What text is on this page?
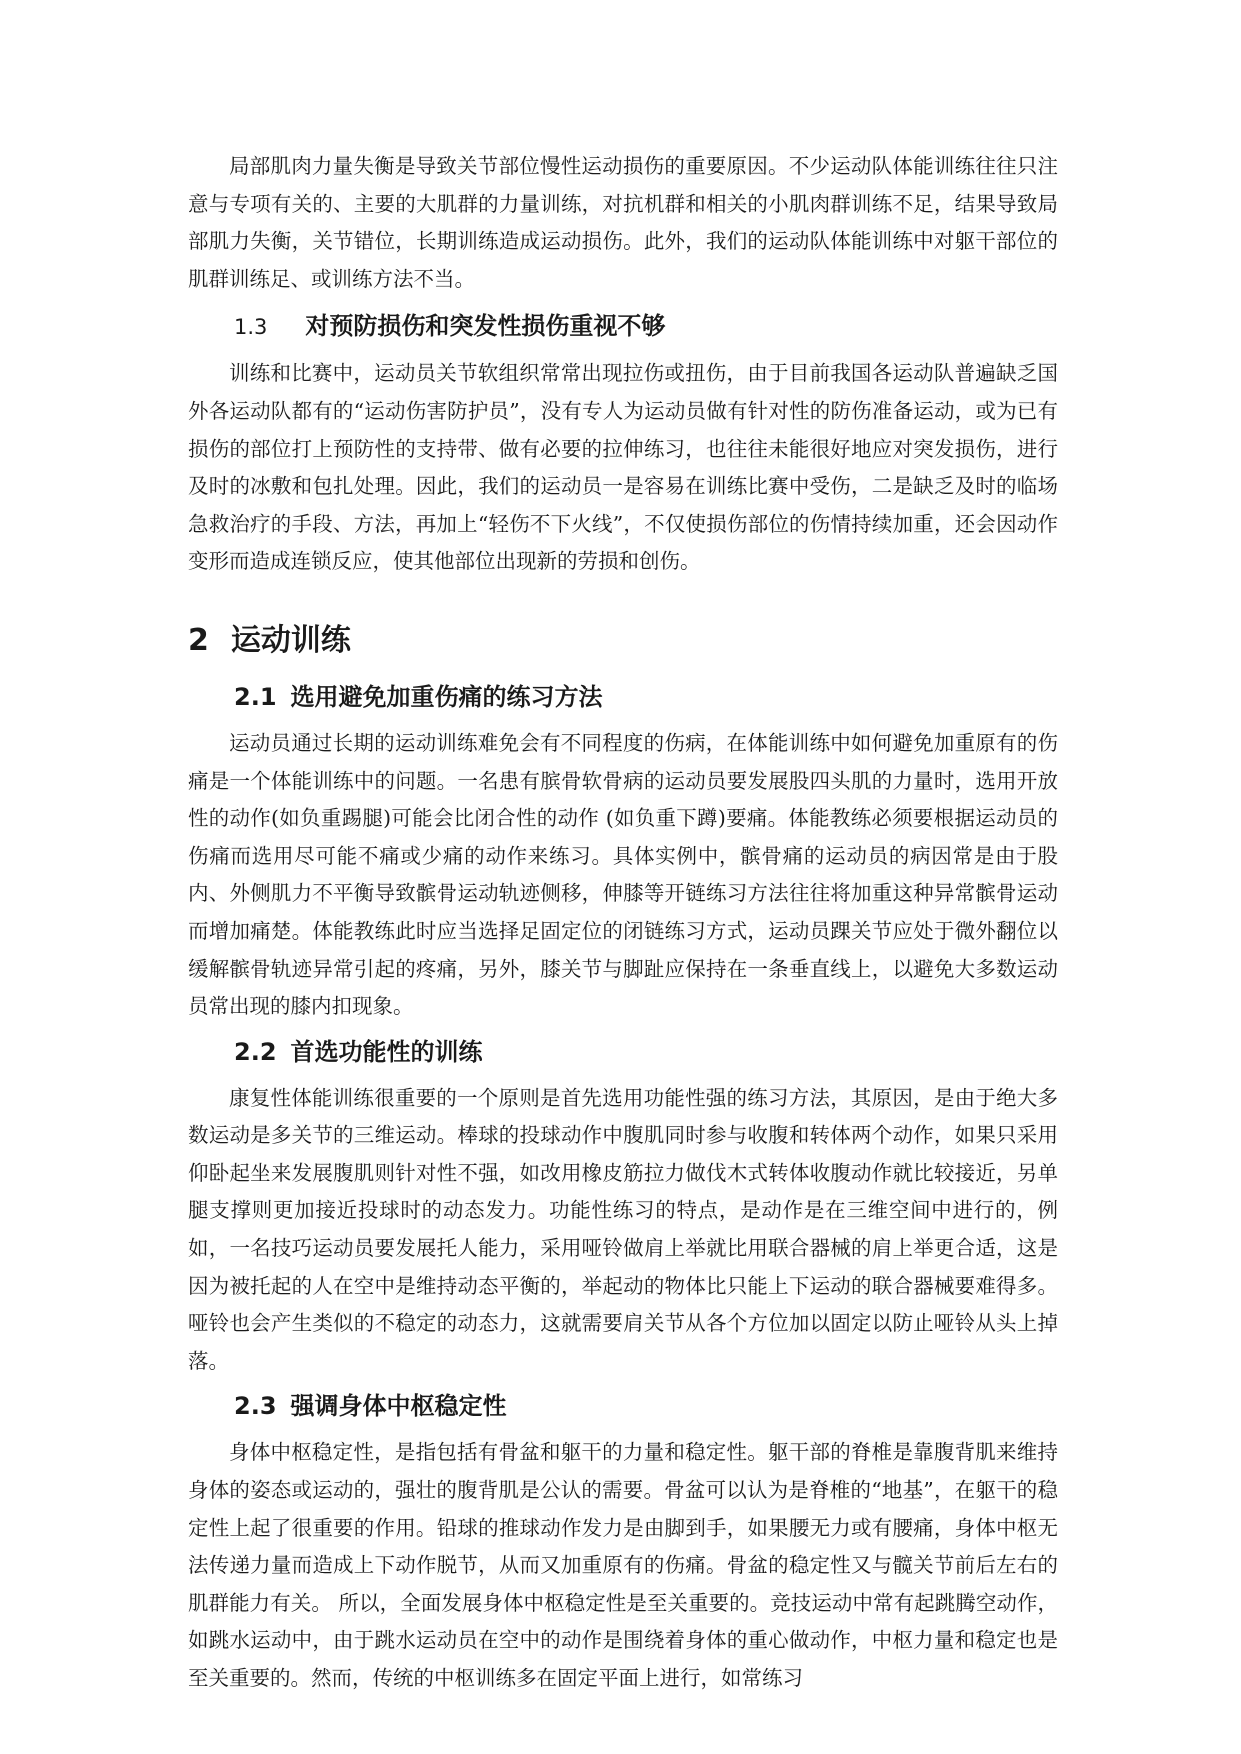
局部肌肉力量失衡是导致关节部位慢性运动损伤的重要原因。不少运动队体能训练往往只注意与专项有关的、主要的大肌群的力量训练，对抗机群和相关的小肌肉群训练不足，结果导致局部肌力失衡，关节错位，长期训练造成运动损伤。此外，我们的运动队体能训练中对躯干部位的肌群训练足、或训练方法不当。

1.3 对预防损伤和突发性损伤重视不够

训练和比赛中，运动员关节软组织常常出现拉伤或扭伤，由于目前我国各运动队普遍缺乏国外各运动队都有的“运动伤害防护员”，没有专人为运动员做有针对性的防伤准备运动，或为已有损伤的部位打上预防性的支持带、做有必要的拉伸练习，也往往未能很好地应对突发损伤，进行及时的冰敷和包扎处理。因此，我们的运动员一是容易在训练比赛中受伤，二是缺乏及时的临场急救治疗的手段、方法，再加上“轻伤不下火线”，不仅使损伤部位的伤情持续加重，还会因动作变形而造成连锁反应，使其他部位出现新的劳损和创伤。

2 运动训练
2.1 选用避免加重伤痛的练习方法

运动员通过长期的运动训练难免会有不同程度的伤病，在体能训练中如何避免加重原有的伤痛是一个体能训练中的问题。一名患有膑骨软骨病的运动员要发展股四头肌的力量时，选用开放性的动作(如负重踢腿)可能会比闭合性的动作 (如负重下蹲)要痛。体能教练必须要根据运动员的伤痛而选用尽可能不痛或少痛的动作来练习。具体实例中，髌骨痛的运动员的病因常是由于股内、外侧肌力不平衡导致髌骨运动轨迹侧移，伸膝等开链练习方法往往将加重这种异常髌骨运动而增加痛楚。体能教练此时应当选择足固定位的闭链练习方式，运动员踝关节应处于微外翻位以缓解髌骨轨迹异常引起的疼痛，另外，膝关节与脚趾应保持在一条垂直线上，以避免大多数运动员常出现的膝内扣现象。

2.2 首选功能性的训练

康复性体能训练很重要的一个原则是首先选用功能性强的练习方法，其原因，是由于绝大多数运动是多关节的三维运动。棒球的投球动作中腹肌同时参与收腹和转体两个动作，如果只采用仰卧起坐来发展腹肌则针对性不强，如改用橡皮筋拉力做伐木式转体收腹动作就比较接近，另单腿支撑则更加接近投球时的动态发力。功能性练习的特点，是动作是在三维空间中进行的，例如，一名技巧运动员要发展托人能力，采用哑铃做肩上举就比用联合器械的肩上举更合适，这是因为被托起的人在空中是维持动态平衡的，举起动的物体比只能上下运动的联合器械要难得多。哑铃也会产生类似的不稳定的动态力，这就需要肩关节从各个方位加以固定以防止哑铃从头上掉落。

2.3 强调身体中枢稳定性

身体中枢稳定性，是指包括有骨盆和躯干的力量和稳定性。躯干部的脊椎是靠腹背肌来维持身体的姿态或运动的，强壮的腹背肌是公认的需要。骨盆可以认为是脊椎的“地基”，在躯干的稳定性上起了很重要的作用。铅球的推球动作发力是由脚到手，如果腰无力或有腰痛，身体中枢无法传递力量而造成上下动作脱节，从而又加重原有的伤痛。骨盆的稳定性又与髋关节前后左右的肌群能力有关。 所以，全面发展身体中枢稳定性是至关重要的。竞技运动中常有起跳腾空动作，如跳水运动中，由于跳水运动员在空中的动作是围绕着身体的重心做动作，中枢力量和稳定也是至关重要的。然而，传统的中枢训练多在固定平面上进行，如常练习
